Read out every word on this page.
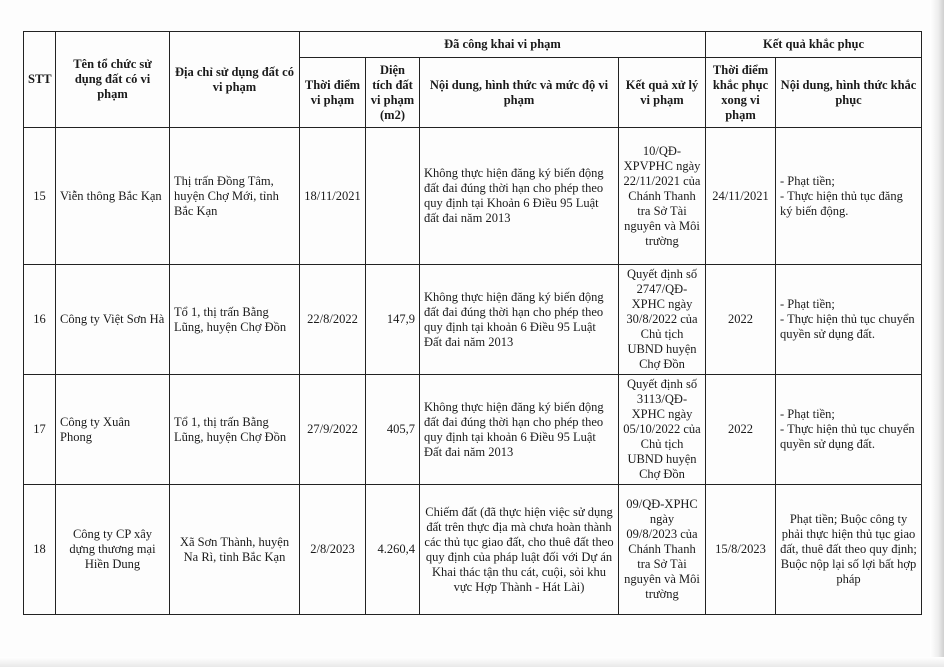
STT	Tên tổ chức sử dụng đất có vi phạm	Địa chỉ sử dụng đất có vi phạm	Đã công khai vi phạm				Kết quả khắc phục	
			Thời điểm vi phạm	Diện tích đất vi phạm (m2)	Nội dung, hình thức và mức độ vi phạm	Kết quả xử lý vi phạm	Thời điểm khắc phục xong vi phạm	Nội dung, hình thức khắc phục
15	Viễn thông Bắc Kạn	Thị trấn Đồng Tâm, huyện Chợ Mới, tỉnh Bắc Kạn	18/11/2021		Không thực hiện đăng ký biến động đất đai đúng thời hạn cho phép theo quy định tại Khoản 6 Điều 95 Luật đất đai năm 2013	10/QĐ-XPVPHC ngày 22/11/2021 của Chánh Thanh tra Sở Tài nguyên và Môi trường	24/11/2021	- Phạt tiền;
- Thực hiện thủ tục đăng ký biến động.

16	Công ty Việt Sơn Hà	Tổ 1, thị trấn Bằng Lũng, huyện Chợ Đồn	22/8/2022	147,9	Không thực hiện đăng ký biến động đất đai đúng thời hạn cho phép theo quy định tại khoản 6 Điều 95 Luật Đất đai năm 2013	Quyết định số 2747/QĐ-XPHC ngày 30/8/2022 của Chủ tịch UBND huyện Chợ Đồn	2022	- Phạt tiền;
- Thực hiện thủ tục chuyển quyền sử dụng đất.

17	Công ty Xuân Phong	Tổ 1, thị trấn Bằng Lũng, huyện Chợ Đồn	27/9/2022	405,7	Không thực hiện đăng ký biến động đất đai đúng thời hạn cho phép theo quy định tại khoản 6 Điều 95 Luật Đất đai năm 2013	Quyết định số 3113/QĐ-XPHC ngày 05/10/2022 của Chủ tịch UBND huyện Chợ Đồn	2022	- Phạt tiền;
- Thực hiện thủ tục chuyển quyền sử dụng đất.

18	Công ty CP xây dựng thương mại Hiền Dung	Xã Sơn Thành, huyện Na Rì, tỉnh Bắc Kạn	2/8/2023	4.260,4	Chiếm đất (đã thực hiện việc sử dụng đất trên thực địa mà chưa hoàn thành các thủ tục giao đất, cho thuê đất theo quy định của pháp luật đối với Dự án Khai thác tận thu cát, cuội, sỏi khu vực Hợp Thành - Hát Lài)	09/QĐ-XPHC ngày 09/8/2023 của Chánh Thanh tra Sở Tài nguyên và Môi trường	15/8/2023	Phạt tiền; Buộc công ty phải thực hiện thủ tục giao đất, thuê đất theo quy định; Buộc nộp lại số lợi bất hợp pháp
